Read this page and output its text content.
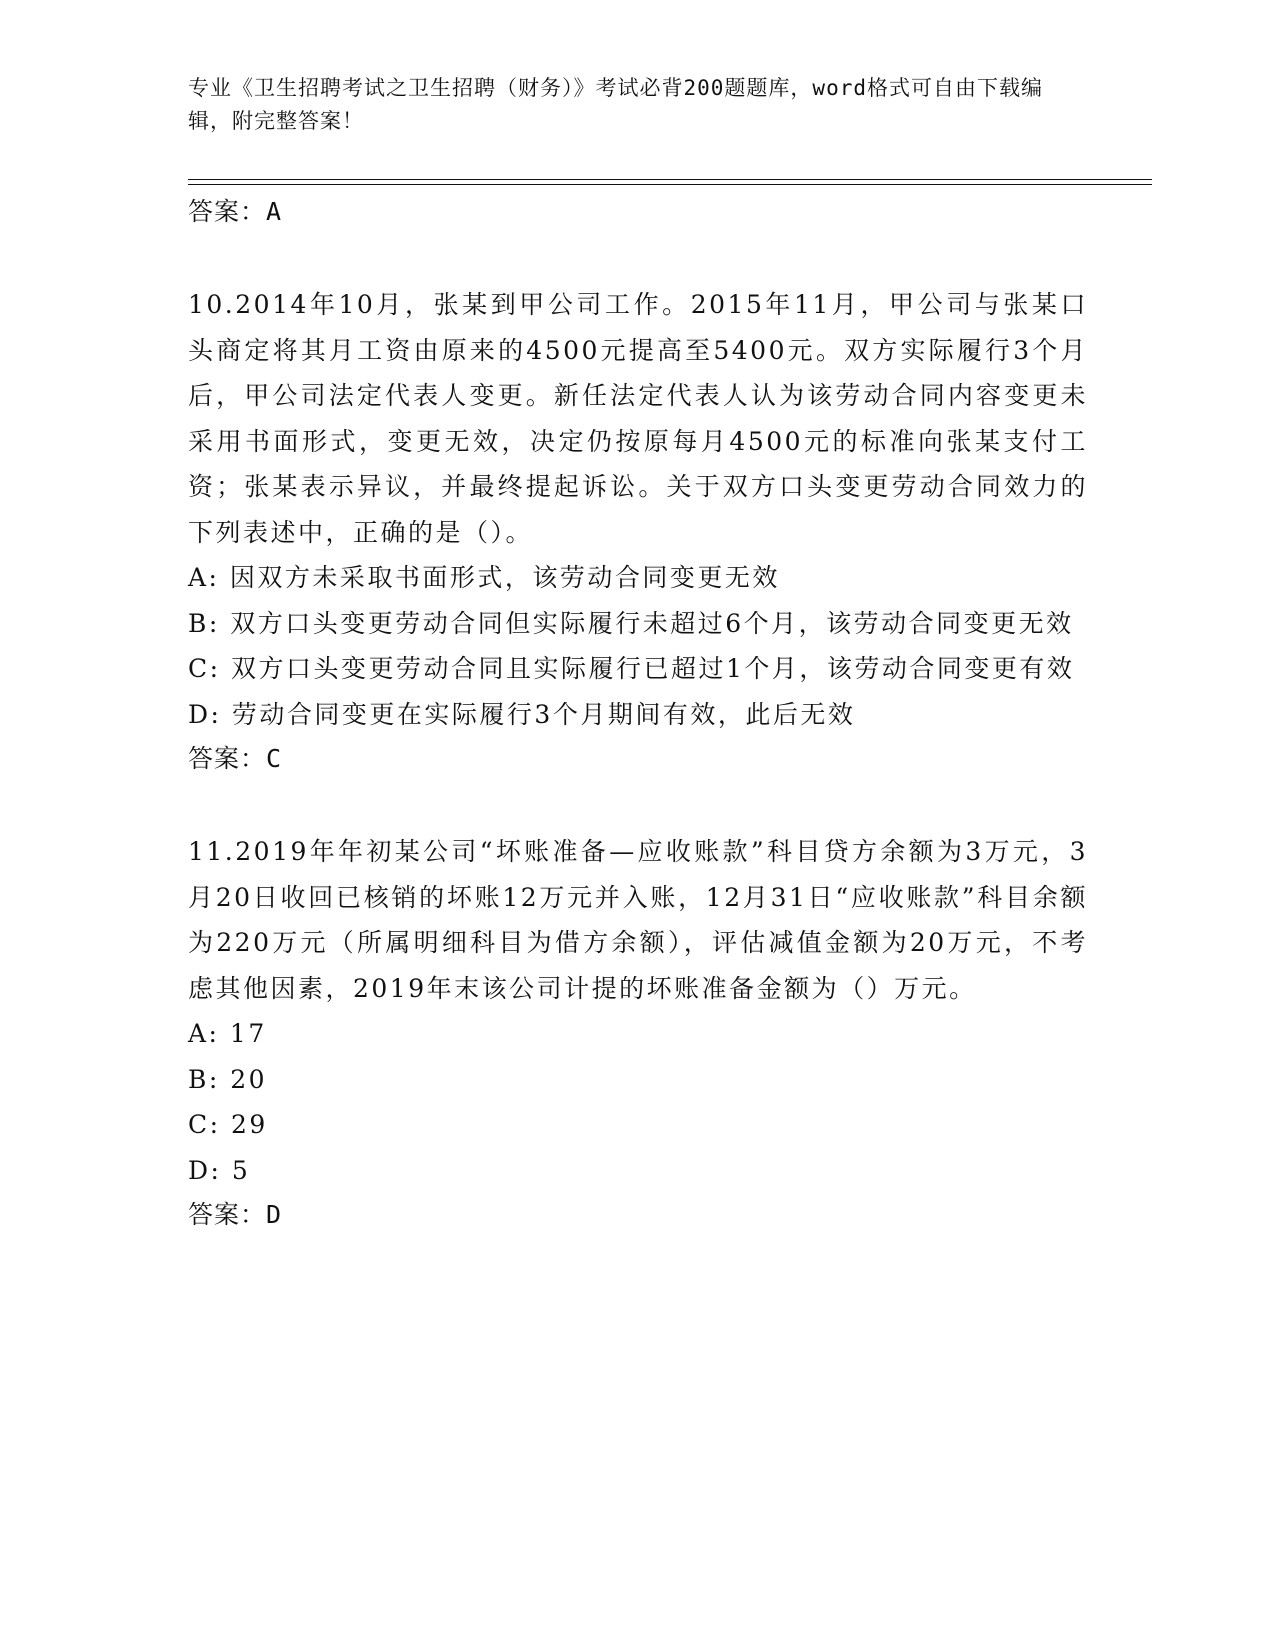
专业《卫生招聘考试之卫生招聘（财务）》考试必背200题题库，word格式可自由下载编辑，附完整答案！
答案：A
10.2014年10月，张某到甲公司工作。2015年11月，甲公司与张某口头商定将其月工资由原来的4500元提高至5400元。双方实际履行3个月后，甲公司法定代表人变更。新任法定代表人认为该劳动合同内容变更未采用书面形式，变更无效，决定仍按原每月4500元的标准向张某支付工资；张某表示异议，并最终提起诉讼。关于双方口头变更劳动合同效力的下列表述中，正确的是（）。
A: 因双方未采取书面形式，该劳动合同变更无效
B: 双方口头变更劳动合同但实际履行未超过6个月，该劳动合同变更无效
C: 双方口头变更劳动合同且实际履行已超过1个月，该劳动合同变更有效
D: 劳动合同变更在实际履行3个月期间有效，此后无效
答案：C
11.2019年年初某公司“坏账准备—应收账款”科目贷方余额为3万元，3月20日收回已核销的坏账12万元并入账，12月31日“应收账款”科目余额为220万元（所属明细科目为借方余额），评估减值金额为20万元，不考虑其他因素，2019年末该公司计提的坏账准备金额为（）万元。
A: 17
B: 20
C: 29
D: 5
答案：D
